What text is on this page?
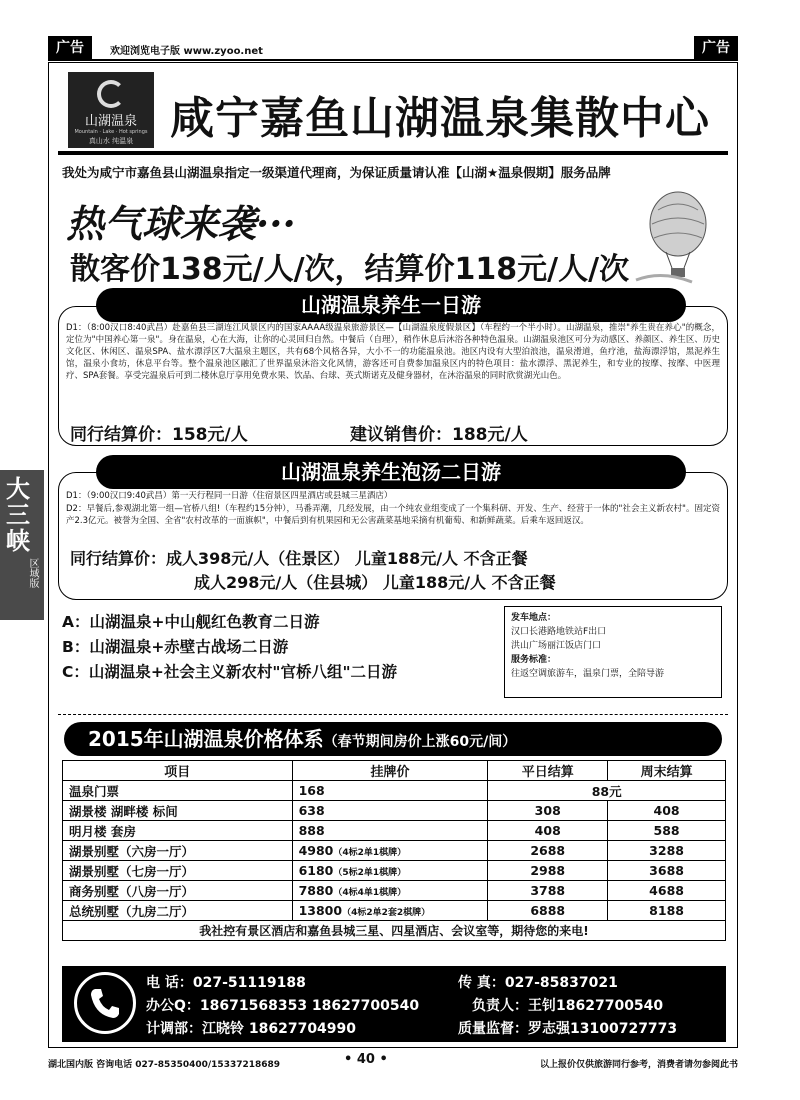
广告	欢迎浏览电子版 www.zyoo.net	广告
山湖温泉
Mountain · Lake · Hot springs
真山水 纯温泉 咸宁嘉鱼山湖温泉集散中心
我处为咸宁市嘉鱼县山湖温泉指定一级渠道代理商，为保证质量请认准【山湖★温泉假期】服务品牌
热气球来袭···
散客价138元/人/次，结算价118元/人/次
山湖温泉养生一日游
D1：（8:00汉口8:40武昌）赴嘉鱼县三湖连江风景区内的国家AAAA级温泉旅游景区—【山湖温泉度假景区】（车程约一个半小时）。山湖温泉，推崇"养生贵在养心"的概念，定位为"中国养心第一泉"。身在温泉，心在大海，让你的心灵回归自然。中餐后（自理），稍作休息后沐浴各种特色温泉。山湖温泉池区可分为动感区、养颜区、养生区、历史文化区、休闲区、温泉SPA、盐水漂浮区7大温泉主题区，共有68个风格各异，大小不一的功能温泉池。池区内设有大型泊浪池，温泉滑道，鱼疗池，盐海漂浮馆，黑泥养生馆，温泉小食坊，休息平台等。整个温泉池区融汇了世界温泉沐浴文化风情，游客还可自费参加温泉区内的特色项目：盐水漂浮、黑泥养生，和专业的按摩、按摩、中医理疗、SPA套餐。享受完温泉后可到二楼休息厅享用免费水果、饮品、台球、英式斯诺克及健身器材，在沐浴温泉的同时欣赏湖光山色。
同行结算价：158元/人	建议销售价：188元/人
山湖温泉养生泡汤二日游
D1：（9:00汉口9:40武昌）第一天行程同一日游（住宿景区四星酒店或县城三星酒店）
D2：早餐后,参观湖北第一组—官桥八组!（车程约15分钟），马番弄潮，几经发展，由一个纯农业组变成了一个集科研、开发、生产、经营于一体的"社会主义新农村"。固定资产2.3亿元。被誉为全国、全省"农村改革的一面旗帜"，中餐后到有机果园和无公害蔬菜基地采摘有机葡萄、和新鲜蔬菜。后乘车返回返汉。
同行结算价：成人398元/人（住景区） 儿童188元/人 不含正餐
成人298元/人（住县城） 儿童188元/人 不含正餐
大三峡
区域版
A：山湖温泉+中山舰红色教育二日游
B：山湖温泉+赤壁古战场二日游
C：山湖温泉+社会主义新农村"官桥八组"二日游
发车地点：
汉口长港路地铁站F出口
洪山广场丽江饭店门口
服务标准：
往返空调旅游车，温泉门票，全陪导游
2015年山湖温泉价格体系（春节期间房价上涨60元/间）
项目	挂牌价	平日结算	周末结算
温泉门票	168	88元	
湖景楼 湖畔楼 标间	638	308	408
明月楼 套房	888	408	588
湖景别墅（六房一厅）	4980（4标2单1棋牌）	2688	3288
湖景别墅（七房一厅）	6180（5标2单1棋牌）	2988	3688
商务别墅（八房一厅）	7880（4标4单1棋牌）	3788	4688
总统别墅（九房二厅）	13800（4标2单2套2棋牌）	6888	8188
我社控有景区酒店和嘉鱼县城三星、四星酒店、会议室等，期待您的来电!			
电 话：027-51119188	传 真：027-85837021
办公Q：18671568353 18627700540	负责人：王钊18627700540
计调部：江晓铃 18627704990	质量监督：罗志强13100727773
湖北国内版 咨询电话 027-85350400/15337218689	• 40 •	以上报价仅供旅游同行参考，消费者请勿参阅此书
